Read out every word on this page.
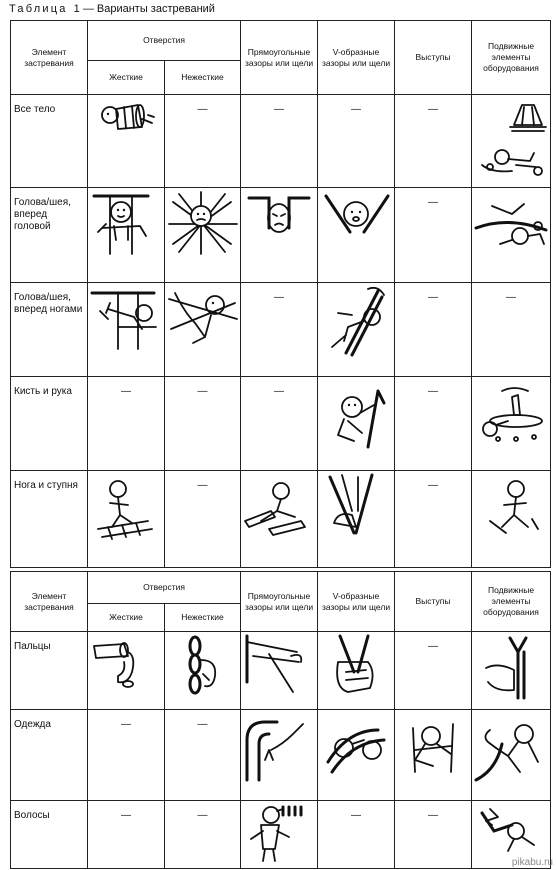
Таблица 1 — Варианты застреваний
Элемент застревания	Отверстия		Прямоугольные зазоры или щели	V-образные зазоры или щели	Выступы	Подвижные элементы оборудования
	Жесткие	Нежесткие				
Все тело		—	—	—	—	

Голова/шея, вперед головой					—	

Голова/шея, вперед ногами			—		—	—
Кисть и рука	—	—	—		—	

Нога и ступня		—			—	
Элемент застревания	Отверстия		Прямоугольные зазоры или щели	V-образные зазоры или щели	Выступы	Подвижные элементы оборудования
	Жесткие	Нежесткие				
Пальцы					—	

Одежда	—	—	

Волосы	—	—		—	—	
pikabu.ru
